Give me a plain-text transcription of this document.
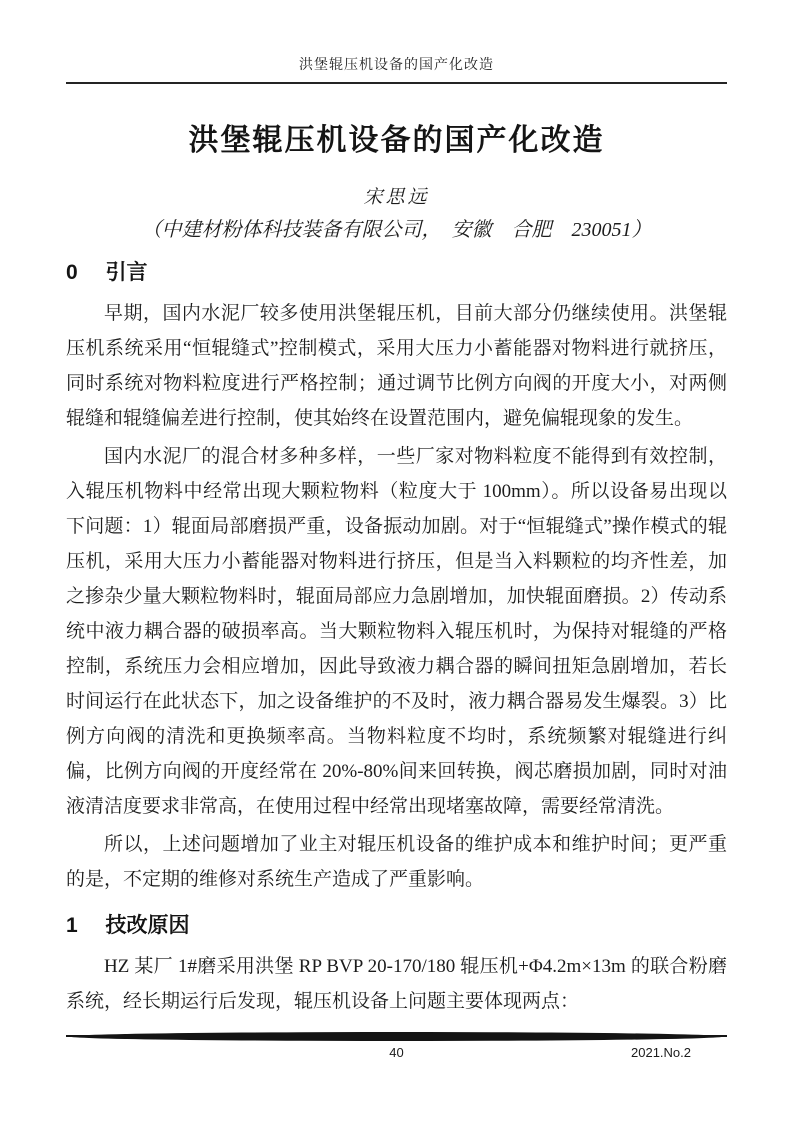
洪堡辊压机设备的国产化改造
洪堡辊压机设备的国产化改造
宋思远
（中建材粉体科技装备有限公司，　安徽　合肥　230051）
0 引言

早期，国内水泥厂较多使用洪堡辊压机，目前大部分仍继续使用。洪堡辊压机系统采用“恒辊缝式”控制模式，采用大压力小蓄能器对物料进行就挤压，同时系统对物料粒度进行严格控制；通过调节比例方向阀的开度大小，对两侧辊缝和辊缝偏差进行控制，使其始终在设置范围内，避免偏辊现象的发生。

国内水泥厂的混合材多种多样，一些厂家对物料粒度不能得到有效控制，入辊压机物料中经常出现大颗粒物料（粒度大于 100mm）。所以设备易出现以下问题：1）辊面局部磨损严重，设备振动加剧。对于“恒辊缝式”操作模式的辊压机，采用大压力小蓄能器对物料进行挤压，但是当入料颗粒的均齐性差，加之掺杂少量大颗粒物料时，辊面局部应力急剧增加，加快辊面磨损。2）传动系统中液力耦合器的破损率高。当大颗粒物料入辊压机时，为保持对辊缝的严格控制，系统压力会相应增加，因此导致液力耦合器的瞬间扭矩急剧增加，若长时间运行在此状态下，加之设备维护的不及时，液力耦合器易发生爆裂。3）比例方向阀的清洗和更换频率高。当物料粒度不均时，系统频繁对辊缝进行纠偏，比例方向阀的开度经常在 20%-80%间来回转换，阀芯磨损加剧，同时对油液清洁度要求非常高，在使用过程中经常出现堵塞故障，需要经常清洗。

所以，上述问题增加了业主对辊压机设备的维护成本和维护时间；更严重的是，不定期的维修对系统生产造成了严重影响。

1 技改原因

HZ 某厂 1#磨采用洪堡 RP BVP 20-170/180 辊压机+Φ4.2m×13m 的联合粉磨系统，经长期运行后发现，辊压机设备上问题主要体现两点：

40	2021.No.2
